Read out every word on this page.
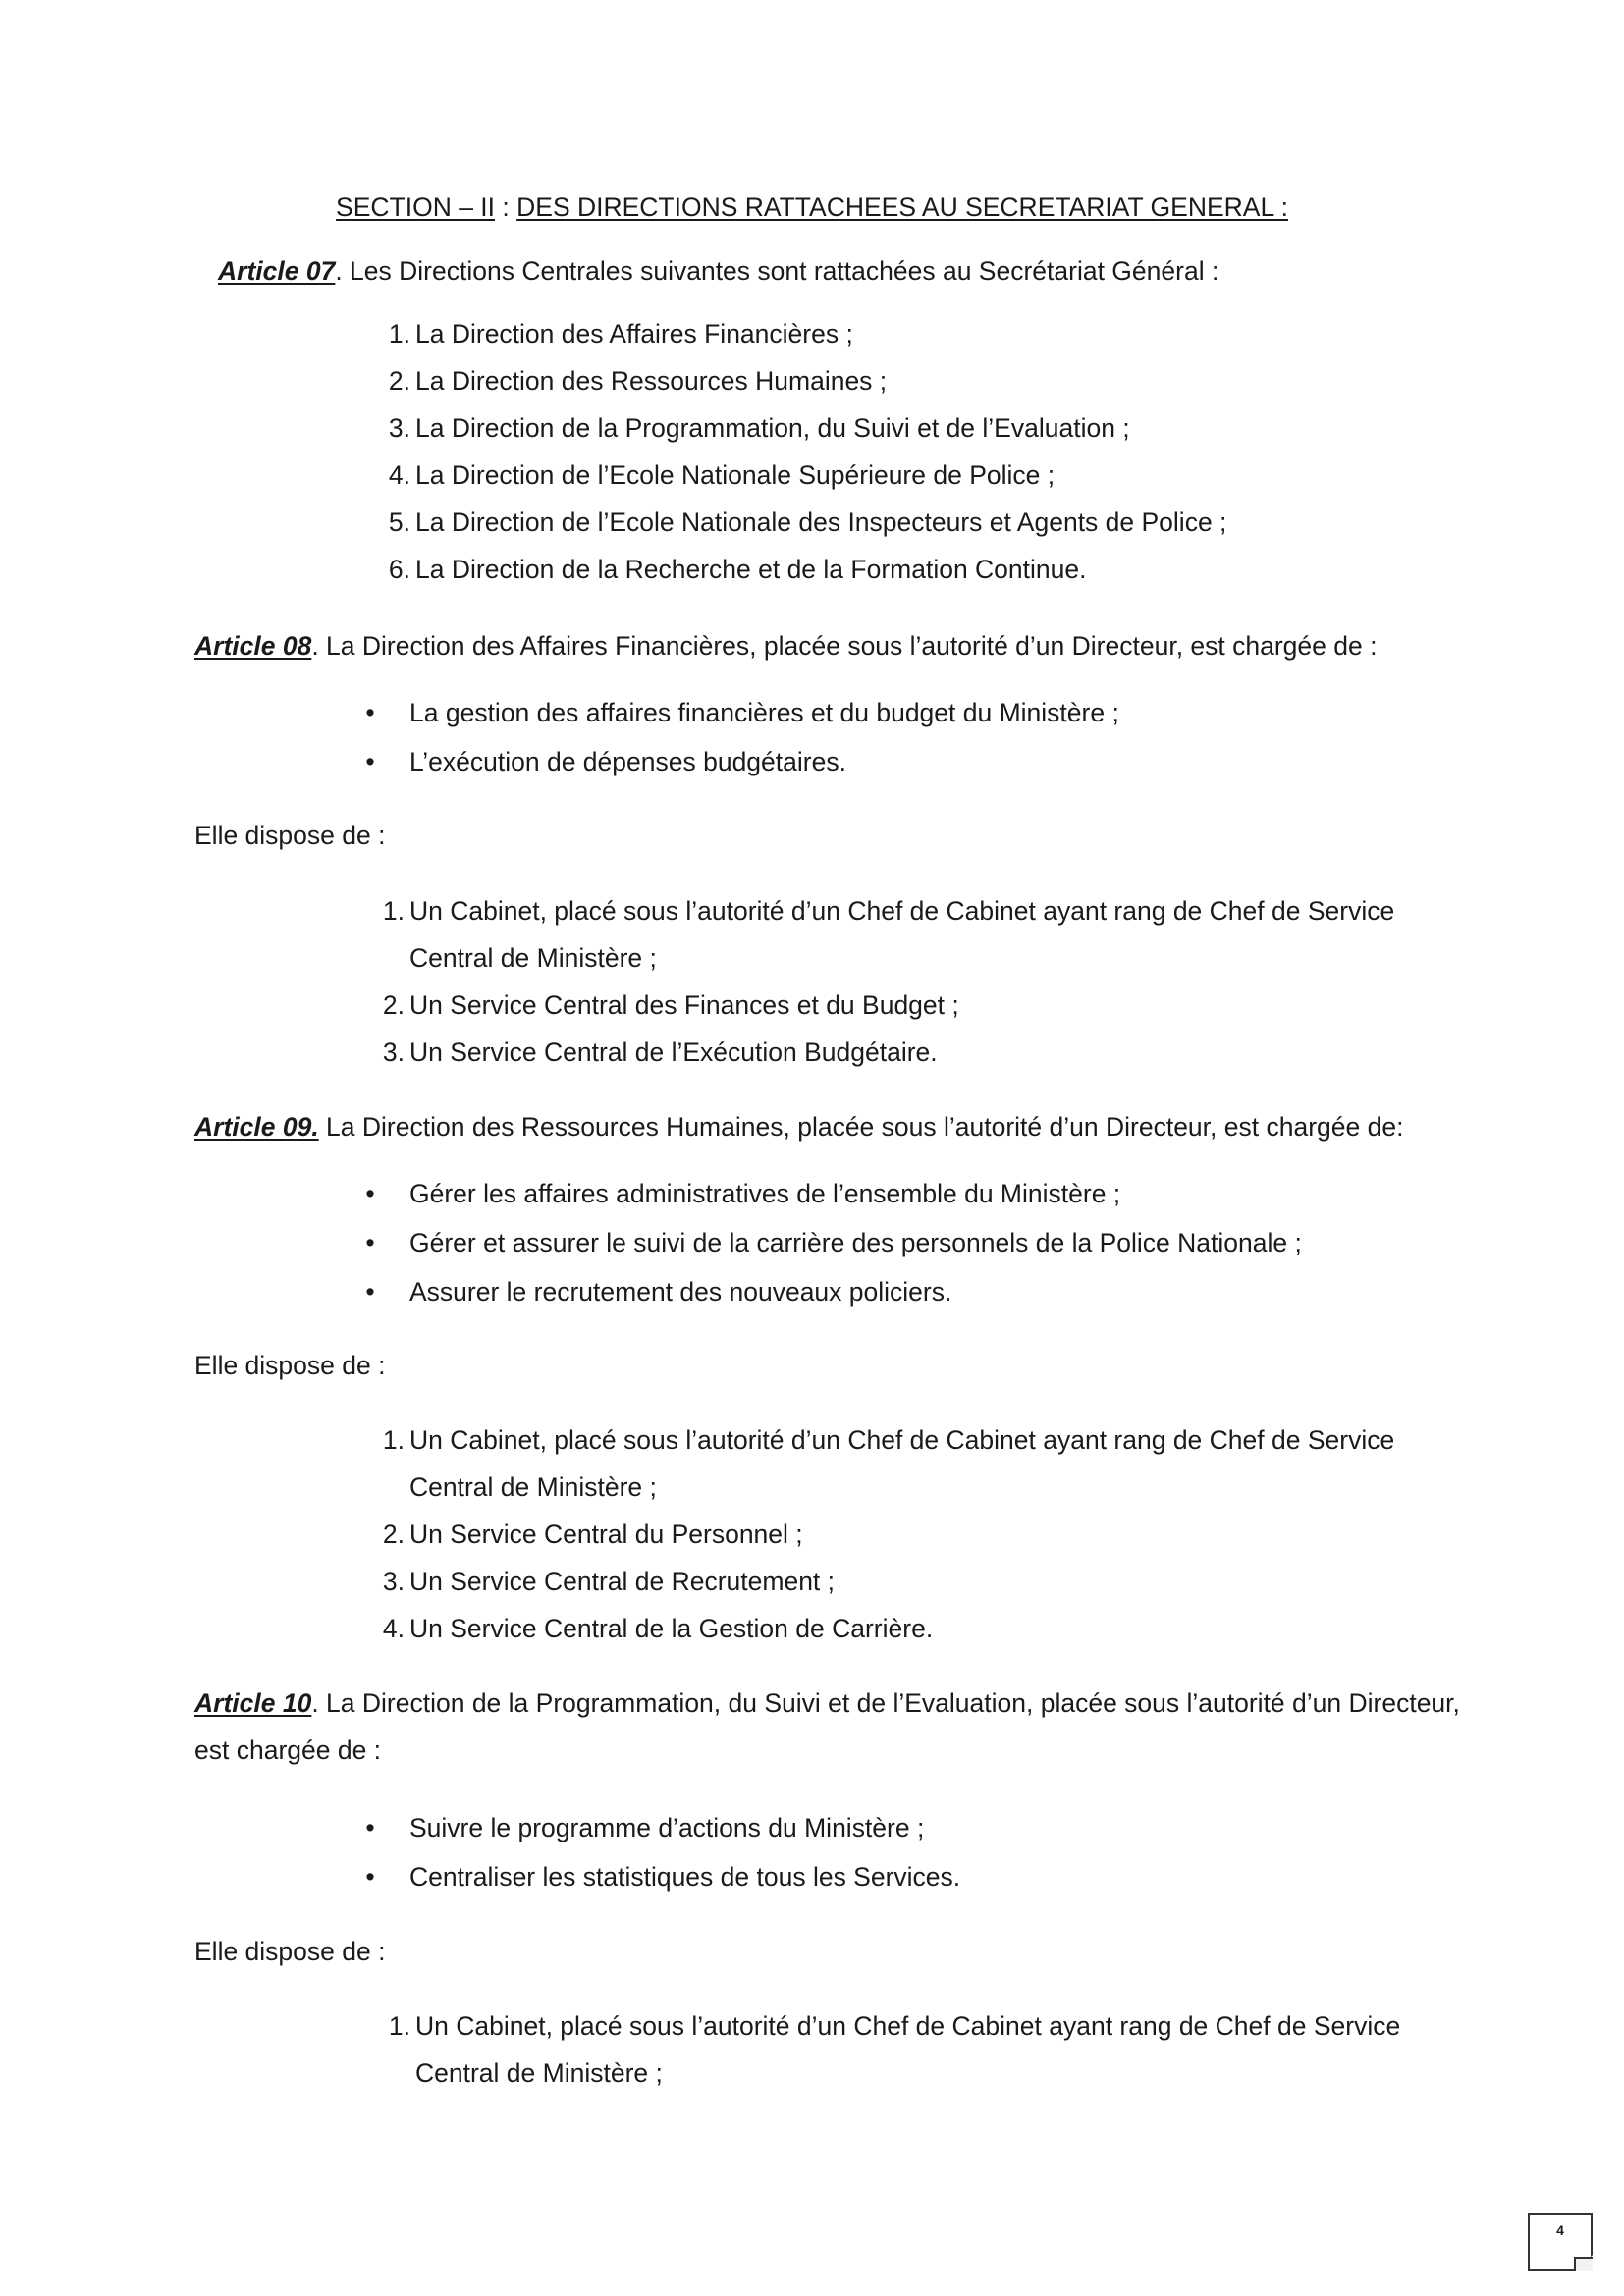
SECTION – II : DES DIRECTIONS RATTACHEES AU SECRETARIAT GENERAL :

Article 07. Les Directions Centrales suivantes sont rattachées au Secrétariat Général :

1. La Direction des Affaires Financières ;
2. La Direction des Ressources Humaines ;
3. La Direction de la Programmation, du Suivi et de l’Evaluation ;
4. La Direction de l’Ecole Nationale Supérieure de Police ;
5. La Direction de l’Ecole Nationale des Inspecteurs et Agents de Police ;
6. La Direction de la Recherche et de la Formation Continue.

Article 08. La Direction des Affaires Financières, placée sous l’autorité d’un Directeur, est chargée de :

• La gestion des affaires financières et du budget du Ministère ;
• L’exécution de dépenses budgétaires.

Elle dispose de :

1. Un Cabinet, placé sous l’autorité d’un Chef de Cabinet ayant rang de Chef de Service Central de Ministère ;
2. Un Service Central des Finances et du Budget ;
3. Un Service Central de l’Exécution Budgétaire.

Article 09. La Direction des Ressources Humaines, placée sous l’autorité d’un Directeur, est chargée de:

• Gérer les affaires administratives de l’ensemble du Ministère ;
• Gérer et assurer le suivi de la carrière des personnels de la Police Nationale ;
• Assurer le recrutement des nouveaux policiers.

Elle dispose de :

1. Un Cabinet, placé sous l’autorité d’un Chef de Cabinet ayant rang de Chef de Service Central de Ministère ;
2. Un Service Central du Personnel ;
3. Un Service Central de Recrutement ;
4. Un Service Central de la Gestion de Carrière.

Article 10. La Direction de la Programmation, du Suivi et de l’Evaluation, placée sous l’autorité d’un Directeur, est chargée de :

• Suivre le programme d’actions du Ministère ;
• Centraliser les statistiques de tous les Services.

Elle dispose de :

1. Un Cabinet, placé sous l’autorité d’un Chef de Cabinet ayant rang de Chef de Service Central de Ministère ;
4
